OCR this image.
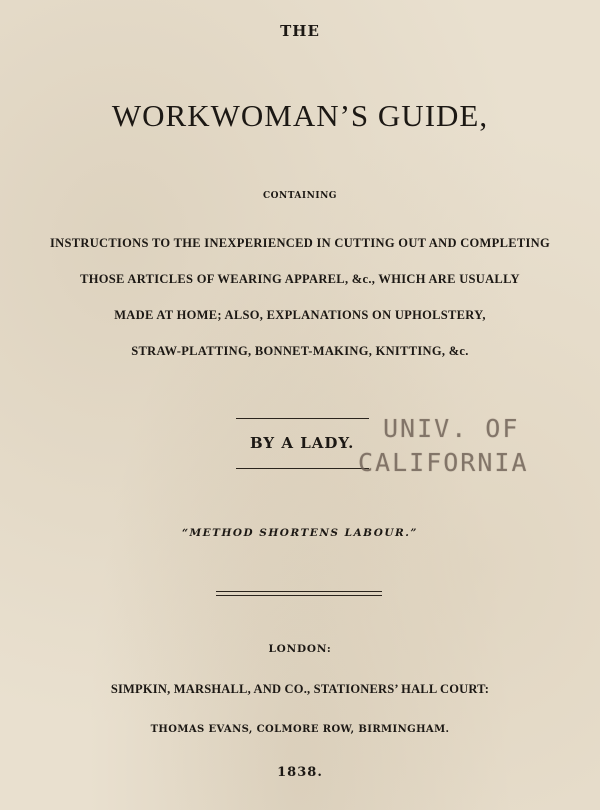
THE
WORKWOMAN’S GUIDE,
CONTAINING
INSTRUCTIONS TO THE INEXPERIENCED IN CUTTING OUT AND COMPLETING
THOSE ARTICLES OF WEARING APPAREL, &c., WHICH ARE USUALLY
MADE AT HOME; ALSO, EXPLANATIONS ON UPHOLSTERY,
STRAW-PLATTING, BONNET-MAKING, KNITTING, &c.
BY A LADY.	UNIV. OF
CALIFORNIA
“METHOD SHORTENS LABOUR.”
LONDON:
SIMPKIN, MARSHALL, AND CO., STATIONERS’ HALL COURT:
THOMAS EVANS, COLMORE ROW, BIRMINGHAM.
1838.
